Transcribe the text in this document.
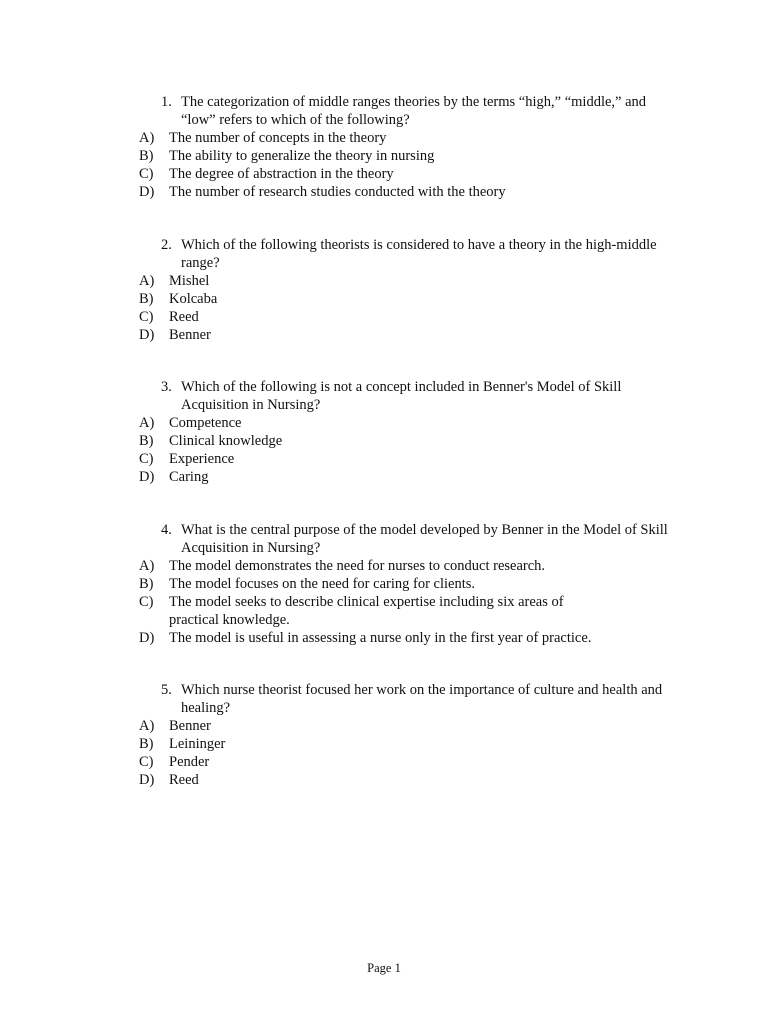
1. The categorization of middle ranges theories by the terms “high,” “middle,” and “low” refers to which of the following?
A) The number of concepts in the theory
B) The ability to generalize the theory in nursing
C) The degree of abstraction in the theory
D) The number of research studies conducted with the theory
2. Which of the following theorists is considered to have a theory in the high-middle range?
A) Mishel
B) Kolcaba
C) Reed
D) Benner
3. Which of the following is not a concept included in Benner's Model of Skill Acquisition in Nursing?
A) Competence
B) Clinical knowledge
C) Experience
D) Caring
4. What is the central purpose of the model developed by Benner in the Model of Skill Acquisition in Nursing?
A) The model demonstrates the need for nurses to conduct research.
B) The model focuses on the need for caring for clients.
C) The model seeks to describe clinical expertise including six areas of practical knowledge.
D) The model is useful in assessing a nurse only in the first year of practice.
5. Which nurse theorist focused her work on the importance of culture and health and healing?
A) Benner
B) Leininger
C) Pender
D) Reed
Page 1
